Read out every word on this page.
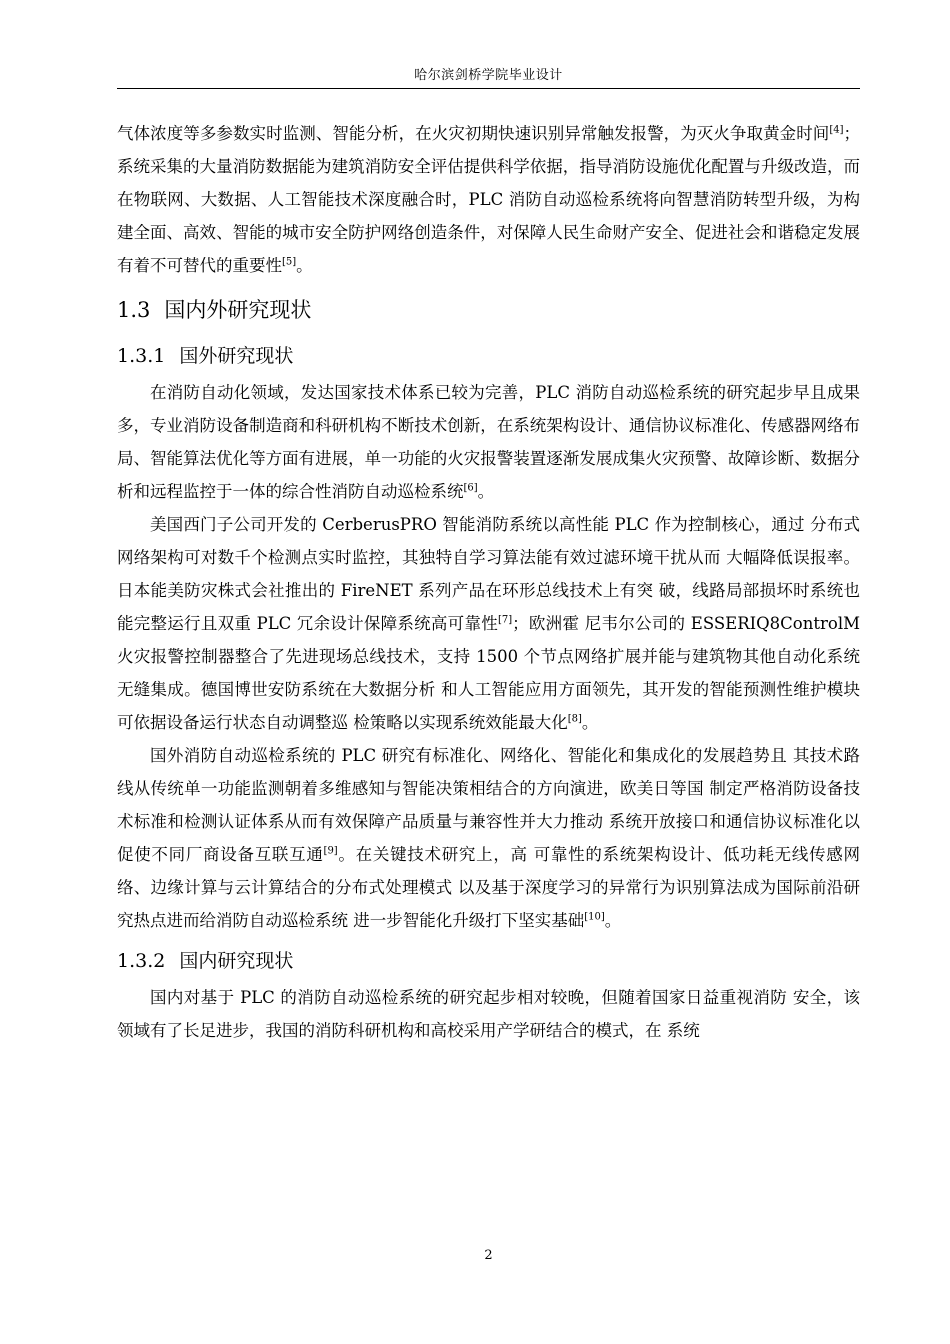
哈尔滨剑桥学院毕业设计

气体浓度等多参数实时监测、智能分析，在火灾初期快速识别异常触发报警，为灭火争取黄金时间[4]；系统采集的大量消防数据能为建筑消防安全评估提供科学依据，指导消防设施优化配置与升级改造，而在物联网、大数据、人工智能技术深度融合时，PLC 消防自动巡检系统将向智慧消防转型升级，为构建全面、高效、智能的城市安全防护网络创造条件，对保障人民生命财产安全、促进社会和谐稳定发展有着不可替代的重要性[5]。

1.3 国内外研究现状
1.3.1 国外研究现状

在消防自动化领域，发达国家技术体系已较为完善，PLC 消防自动巡检系统的研究起步早且成果多，专业消防设备制造商和科研机构不断技术创新，在系统架构设计、通信协议标准化、传感器网络布局、智能算法优化等方面有进展，单一功能的火灾报警装置逐渐发展成集火灾预警、故障诊断、数据分析和远程监控于一体的综合性消防自动巡检系统[6]。

美国西门子公司开发的 CerberusPRO 智能消防系统以高性能 PLC 作为控制核心，通过 分布式网络架构可对数千个检测点实时监控，其独特自学习算法能有效过滤环境干扰从而 大幅降低误报率。日本能美防灾株式会社推出的 FireNET 系列产品在环形总线技术上有突 破，线路局部损坏时系统也能完整运行且双重 PLC 冗余设计保障系统高可靠性[7]；欧洲霍 尼韦尔公司的 ESSERIQ8ControlM 火灾报警控制器整合了先进现场总线技术，支持 1500 个节点网络扩展并能与建筑物其他自动化系统无缝集成。德国博世安防系统在大数据分析 和人工智能应用方面领先，其开发的智能预测性维护模块可依据设备运行状态自动调整巡 检策略以实现系统效能最大化[8]。

国外消防自动巡检系统的 PLC 研究有标准化、网络化、智能化和集成化的发展趋势且 其技术路线从传统单一功能监测朝着多维感知与智能决策相结合的方向演进，欧美日等国 制定严格消防设备技术标准和检测认证体系从而有效保障产品质量与兼容性并大力推动 系统开放接口和通信协议标准化以促使不同厂商设备互联互通[9]。在关键技术研究上，高 可靠性的系统架构设计、低功耗无线传感网络、边缘计算与云计算结合的分布式处理模式 以及基于深度学习的异常行为识别算法成为国际前沿研究热点进而给消防自动巡检系统 进一步智能化升级打下坚实基础[10]。

1.3.2 国内研究现状

国内对基于 PLC 的消防自动巡检系统的研究起步相对较晚，但随着国家日益重视消防 安全，该领域有了长足进步，我国的消防科研机构和高校采用产学研结合的模式，在 系统

2
